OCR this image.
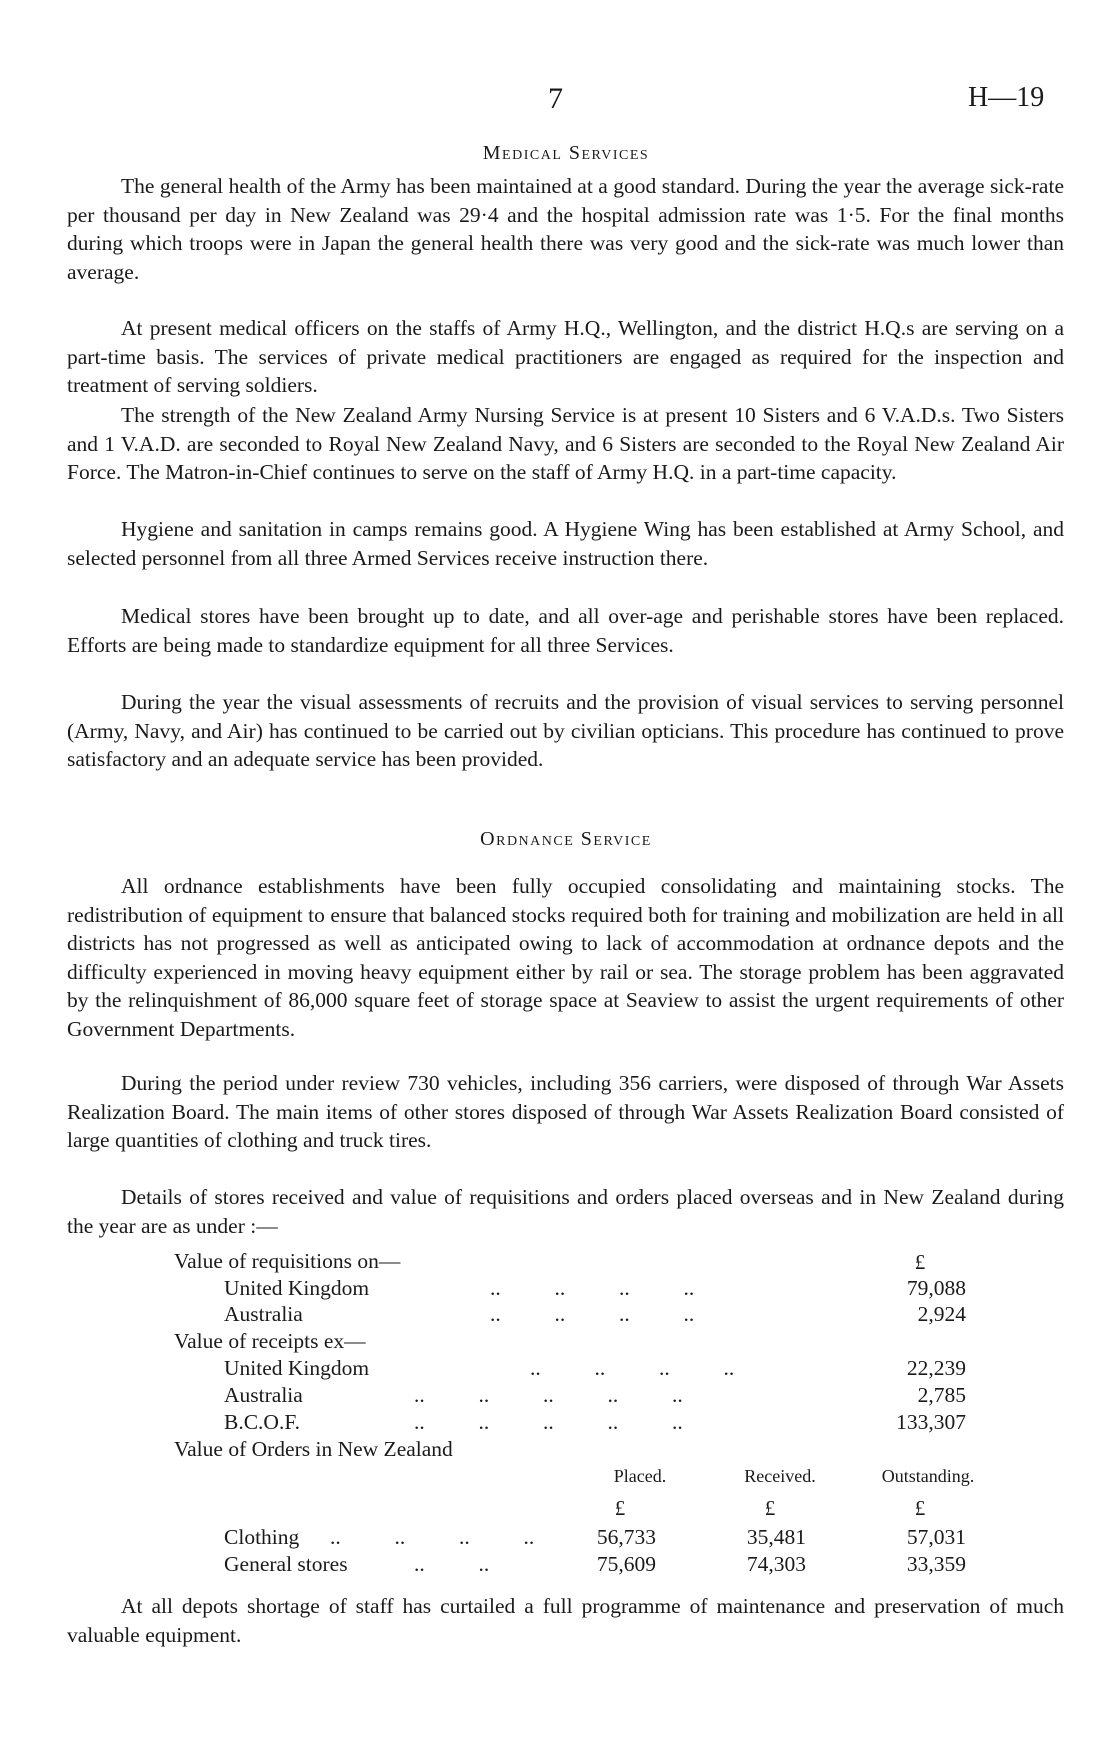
7	H—19
Medical Services

The general health of the Army has been maintained at a good standard. During the year the average sick-rate per thousand per day in New Zealand was 29·4 and the hospital admission rate was 1·5. For the final months during which troops were in Japan the general health there was very good and the sick-rate was much lower than average.

At present medical officers on the staffs of Army H.Q., Wellington, and the district H.Q.s are serving on a part-time basis. The services of private medical practitioners are engaged as required for the inspection and treatment of serving soldiers.

The strength of the New Zealand Army Nursing Service is at present 10 Sisters and 6 V.A.D.s. Two Sisters and 1 V.A.D. are seconded to Royal New Zealand Navy, and 6 Sisters are seconded to the Royal New Zealand Air Force. The Matron-in-Chief continues to serve on the staff of Army H.Q. in a part-time capacity.

Hygiene and sanitation in camps remains good. A Hygiene Wing has been established at Army School, and selected personnel from all three Armed Services receive instruction there.

Medical stores have been brought up to date, and all over-age and perishable stores have been replaced. Efforts are being made to standardize equipment for all three Services.

During the year the visual assessments of recruits and the provision of visual services to serving personnel (Army, Navy, and Air) has continued to be carried out by civilian opticians. This procedure has continued to prove satisfactory and an adequate service has been provided.

Ordnance Service

All ordnance establishments have been fully occupied consolidating and maintaining stocks. The redistribution of equipment to ensure that balanced stocks required both for training and mobilization are held in all districts has not progressed as well as anticipated owing to lack of accommodation at ordnance depots and the difficulty experienced in moving heavy equipment either by rail or sea. The storage problem has been aggravated by the relinquishment of 86,000 square feet of storage space at Seaview to assist the urgent requirements of other Government Departments.

During the period under review 730 vehicles, including 356 carriers, were disposed of through War Assets Realization Board. The main items of other stores disposed of through War Assets Realization Board consisted of large quantities of clothing and truck tires.

Details of stores received and value of requisitions and orders placed overseas and in New Zealand during the year are as under :—

£
Value of requisitions on—
United Kingdom	..          ..          ..          ..	79,088
Australia	..          ..          ..          ..	2,924
Value of receipts ex—
United Kingdom	..          ..          ..          ..	22,239
Australia	..          ..          ..          ..          ..	2,785
B.C.O.F.	..          ..          ..          ..          ..	133,307
Value of Orders in New Zealand
Placed.	Received.	Outstanding.
£	£	£
Clothing ..          ..          ..          ..	56,733	35,481	57,031
General stores	..          ..	75,609	74,303	33,359

At all depots shortage of staff has curtailed a full programme of maintenance and preservation of much valuable equipment.
